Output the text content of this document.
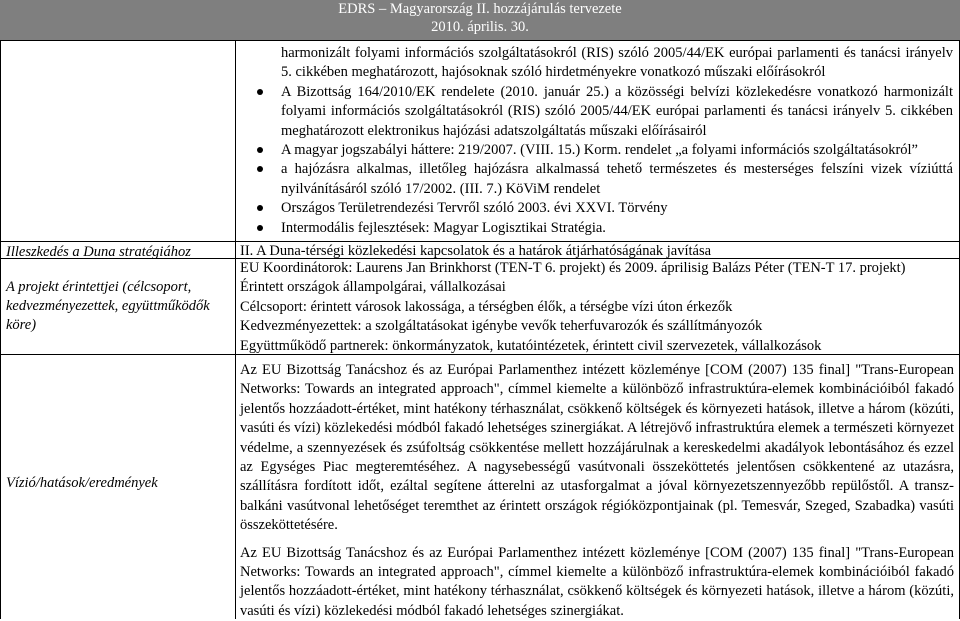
EDRS – Magyarország II. hozzájárulás tervezete
2010. április. 30.
Illeszkedés a Duna stratégiához
A projekt érintettjei (célcsoport, kedvezményezettek, együttműködők köre)
Vízió/hatások/eredmények

harmonizált folyami információs szolgáltatásokról (RIS) szóló 2005/44/EK európai parlamenti és tanácsi irányelv 5. cikkében meghatározott, hajósoknak szóló hirdetményekre vonatkozó műszaki előírásokról

A Bizottság 164/2010/EK rendelete (2010. január 25.) a közösségi belvízi közlekedésre vonatkozó harmonizált folyami információs szolgáltatásokról (RIS) szóló 2005/44/EK európai parlamenti és tanácsi irányelv 5. cikkében meghatározott elektronikus hajózási adatszolgáltatás műszaki előírásairól
A magyar jogszabályi háttere: 219/2007. (VIII. 15.) Korm. rendelet „a folyami információs szolgáltatásokról”
a hajózásra alkalmas, illetőleg hajózásra alkalmassá tehető természetes és mesterséges felszíni vizek víziúttá nyilvánításáról szóló 17/2002. (III. 7.) KöViM rendelet
Országos Területrendezési Tervről szóló 2003. évi XXVI. Törvény
Intermodális fejlesztések: Magyar Logisztikai Stratégia.
II. A Duna-térségi közlekedési kapcsolatok és a határok átjárhatóságának javítása

EU Koordinátorok: Laurens Jan Brinkhorst (TEN-T 6. projekt) és 2009. áprilisig Balázs Péter (TEN-T 17. projekt)

Érintett országok állampolgárai, vállalkozásai

Célcsoport: érintett városok lakossága, a térségben élők, a térségbe vízi úton érkezők

Kedvezményezettek: a szolgáltatásokat igénybe vevők teherfuvarozók és szállítmányozók

Együttműködő partnerek: önkormányzatok, kutatóintézetek, érintett civil szervezetek, vállalkozások

Az EU Bizottság Tanácshoz és az Európai Parlamenthez intézett közleménye [COM (2007) 135 final] "Trans-European Networks: Towards an integrated approach", címmel kiemelte a különböző infrastruktúra-elemek kombinációiból fakadó jelentős hozzáadott-értéket, mint hatékony térhasználat, csökkenő költségek és környezeti hatások, illetve a három (közúti, vasúti és vízi) közlekedési módból fakadó lehetséges szinergiákat. A létrejövő infrastruktúra elemek a természeti környezet védelme, a szennyezések és zsúfoltság csökkentése mellett hozzájárulnak a kereskedelmi akadályok lebontásához és ezzel az Egységes Piac megteremtéséhez. A nagysebességű vasútvonali összeköttetés jelentősen csökkentené az utazásra, szállításra fordított időt, ezáltal segítene átterelni az utasforgalmat a jóval környezetszennyezőbb repülőstől. A transz-balkáni vasútvonal lehetőséget teremthet az érintett országok régióközpontjainak (pl. Temesvár, Szeged, Szabadka) vasúti összeköttetésére.

Az EU Bizottság Tanácshoz és az Európai Parlamenthez intézett közleménye [COM (2007) 135 final] "Trans-European Networks: Towards an integrated approach", címmel kiemelte a különböző infrastruktúra-elemek kombinációiból fakadó jelentős hozzáadott-értéket, mint hatékony térhasználat, csökkenő költségek és környezeti hatások, illetve a három (közúti, vasúti és vízi) közlekedési módból fakadó lehetséges szinergiákat.
